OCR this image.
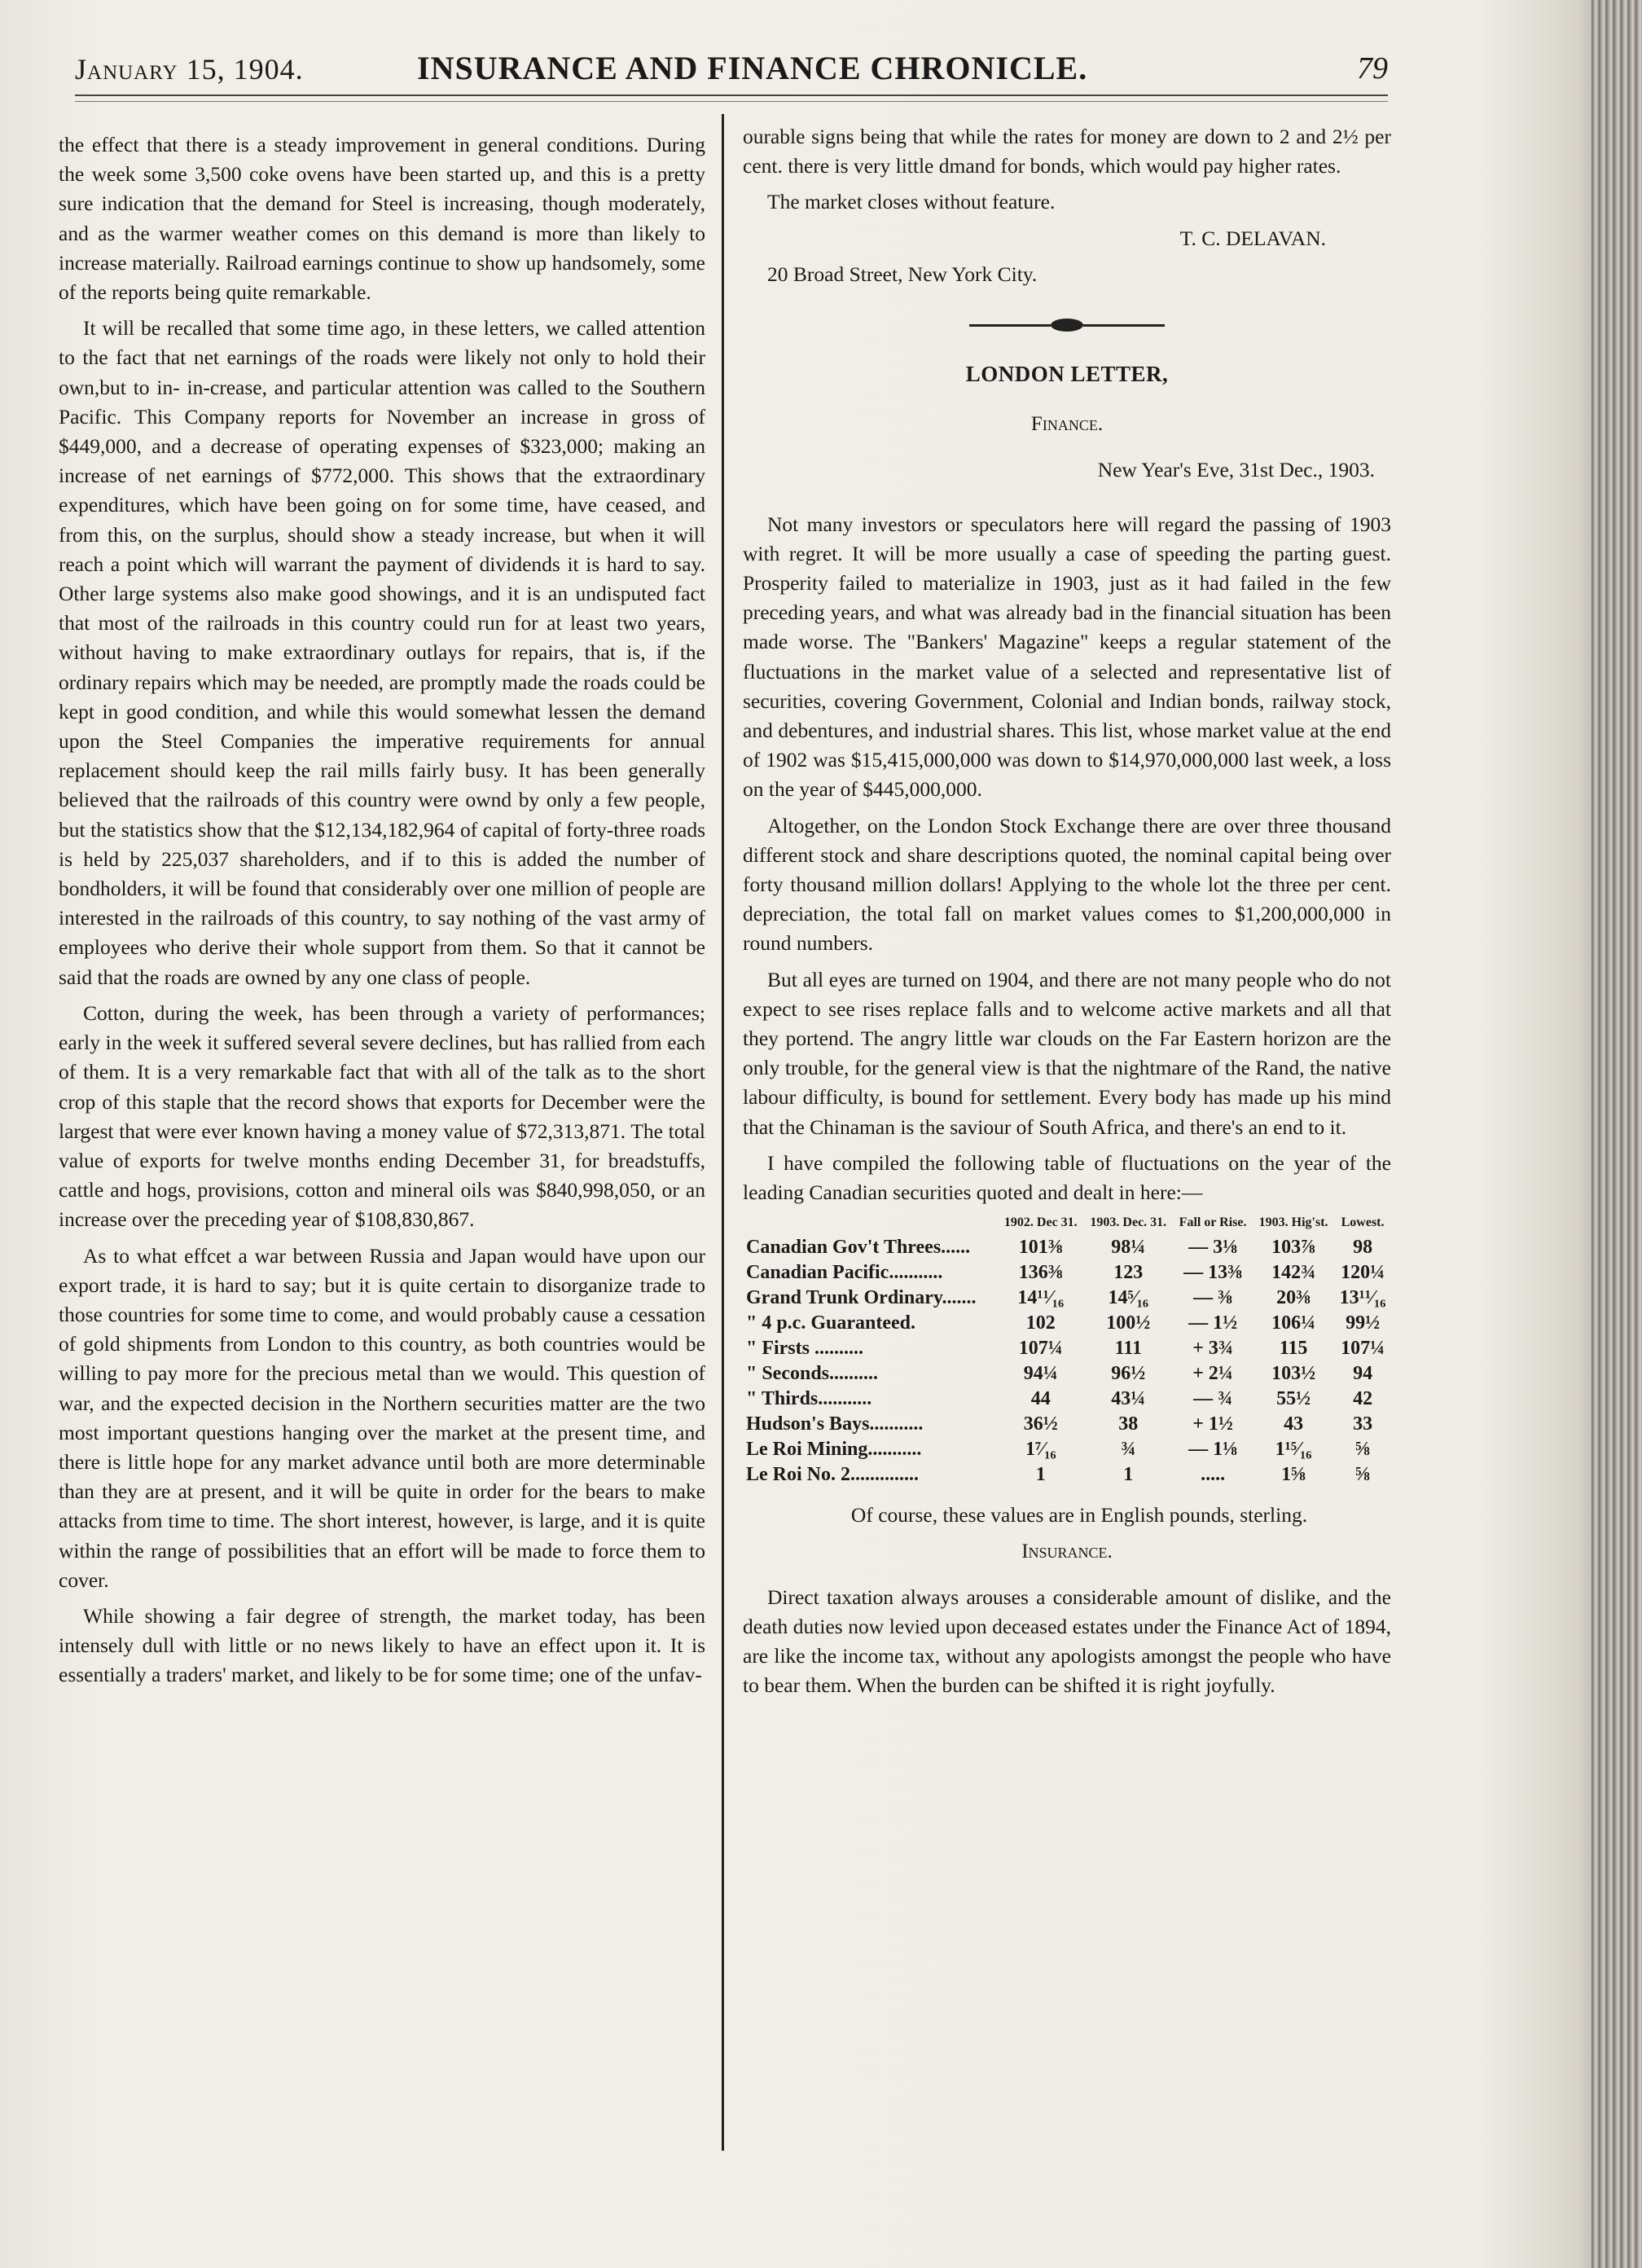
January 15, 1904.	INSURANCE AND FINANCE CHRONICLE.	79

the effect that there is a steady improvement in general conditions. During the week some 3,500 coke ovens have been started up, and this is a pretty sure indication that the demand for Steel is increasing, though moderately, and as the warmer weather comes on this demand is more than likely to increase materially. Railroad earnings continue to show up handsomely, some of the reports being quite remarkable.

It will be recalled that some time ago, in these letters, we called attention to the fact that net earnings of the roads were likely not only to hold their own,but to in- in-crease, and particular attention was called to the Southern Pacific. This Company reports for November an increase in gross of $449,000, and a decrease of operating expenses of $323,000; making an increase of net earnings of $772,000. This shows that the extraordinary expenditures, which have been going on for some time, have ceased, and from this, on the surplus, should show a steady increase, but when it will reach a point which will warrant the payment of dividends it is hard to say. Other large systems also make good showings, and it is an undisputed fact that most of the railroads in this country could run for at least two years, without having to make extraordinary outlays for repairs, that is, if the ordinary repairs which may be needed, are promptly made the roads could be kept in good condition, and while this would somewhat lessen the demand upon the Steel Companies the imperative requirements for annual replacement should keep the rail mills fairly busy. It has been generally believed that the railroads of this country were ownd by only a few people, but the statistics show that the $12,134,182,964 of capital of forty-three roads is held by 225,037 shareholders, and if to this is added the number of bondholders, it will be found that considerably over one million of people are interested in the railroads of this country, to say nothing of the vast army of employees who derive their whole support from them. So that it cannot be said that the roads are owned by any one class of people.

Cotton, during the week, has been through a variety of performances; early in the week it suffered several severe declines, but has rallied from each of them. It is a very remarkable fact that with all of the talk as to the short crop of this staple that the record shows that exports for December were the largest that were ever known having a money value of $72,313,871. The total value of exports for twelve months ending December 31, for breadstuffs, cattle and hogs, provisions, cotton and mineral oils was $840,998,050, or an increase over the preceding year of $108,830,867.

As to what effcet a war between Russia and Japan would have upon our export trade, it is hard to say; but it is quite certain to disorganize trade to those countries for some time to come, and would probably cause a cessation of gold shipments from London to this country, as both countries would be willing to pay more for the precious metal than we would. This question of war, and the expected decision in the Northern securities matter are the two most important questions hanging over the market at the present time, and there is little hope for any market advance until both are more determinable than they are at present, and it will be quite in order for the bears to make attacks from time to time. The short interest, however, is large, and it is quite within the range of possibilities that an effort will be made to force them to cover.

While showing a fair degree of strength, the market today, has been intensely dull with little or no news likely to have an effect upon it. It is essentially a traders' market, and likely to be for some time; one of the unfav-

ourable signs being that while the rates for money are down to 2 and 2½ per cent. there is very little dmand for bonds, which would pay higher rates.

The market closes without feature.

T. C. DELAVAN.

20 Broad Street, New York City.

LONDON LETTER,
Finance.
New Year's Eve, 31st Dec., 1903.

Not many investors or speculators here will regard the passing of 1903 with regret. It will be more usually a case of speeding the parting guest. Prosperity failed to materialize in 1903, just as it had failed in the few preceding years, and what was already bad in the financial situation has been made worse. The "Bankers' Magazine" keeps a regular statement of the fluctuations in the market value of a selected and representative list of securities, covering Government, Colonial and Indian bonds, railway stock, and debentures, and industrial shares. This list, whose market value at the end of 1902 was $15,415,000,000 was down to $14,970,000,000 last week, a loss on the year of $445,000,000.

Altogether, on the London Stock Exchange there are over three thousand different stock and share descriptions quoted, the nominal capital being over forty thousand million dollars! Applying to the whole lot the three per cent. depreciation, the total fall on market values comes to $1,200,000,000 in round numbers.

But all eyes are turned on 1904, and there are not many people who do not expect to see rises replace falls and to welcome active markets and all that they portend. The angry little war clouds on the Far Eastern horizon are the only trouble, for the general view is that the nightmare of the Rand, the native labour difficulty, is bound for settlement. Every body has made up his mind that the Chinaman is the saviour of South Africa, and there's an end to it.

I have compiled the following table of fluctuations on the year of the leading Canadian securities quoted and dealt in here:—

	1902. Dec 31.	1903. Dec. 31.	Fall or Rise.	1903. Hig'st.	Lowest.
Canadian Gov't Threes......	101⅜	98¼	— 3⅛	103⅞	98
Canadian Pacific...........	136⅜	123	— 13⅜	142¾	120¼
Grand Trunk Ordinary.......	14¹¹⁄₁₆	14⁵⁄₁₆	— ⅜	20⅜	13¹¹⁄₁₆
" 4 p.c. Guaranteed.	102	100½	— 1½	106¼	99½
" Firsts ..........	107¼	111	+ 3¾	115	107¼
" Seconds..........	94¼	96½	+ 2¼	103½	94
" Thirds...........	44	43¼	— ¾	55½	42
Hudson's Bays...........	36½	38	+ 1½	43	33
Le Roi Mining...........	1⁷⁄₁₆	¾	— 1⅛	1¹⁵⁄₁₆	⅝
Le Roi No. 2..............	1	1	.....	1⅝	⅝

Of course, these values are in English pounds, sterling.

Insurance.

Direct taxation always arouses a considerable amount of dislike, and the death duties now levied upon deceased estates under the Finance Act of 1894, are like the income tax, without any apologists amongst the people who have to bear them. When the burden can be shifted it is right joyfully.
